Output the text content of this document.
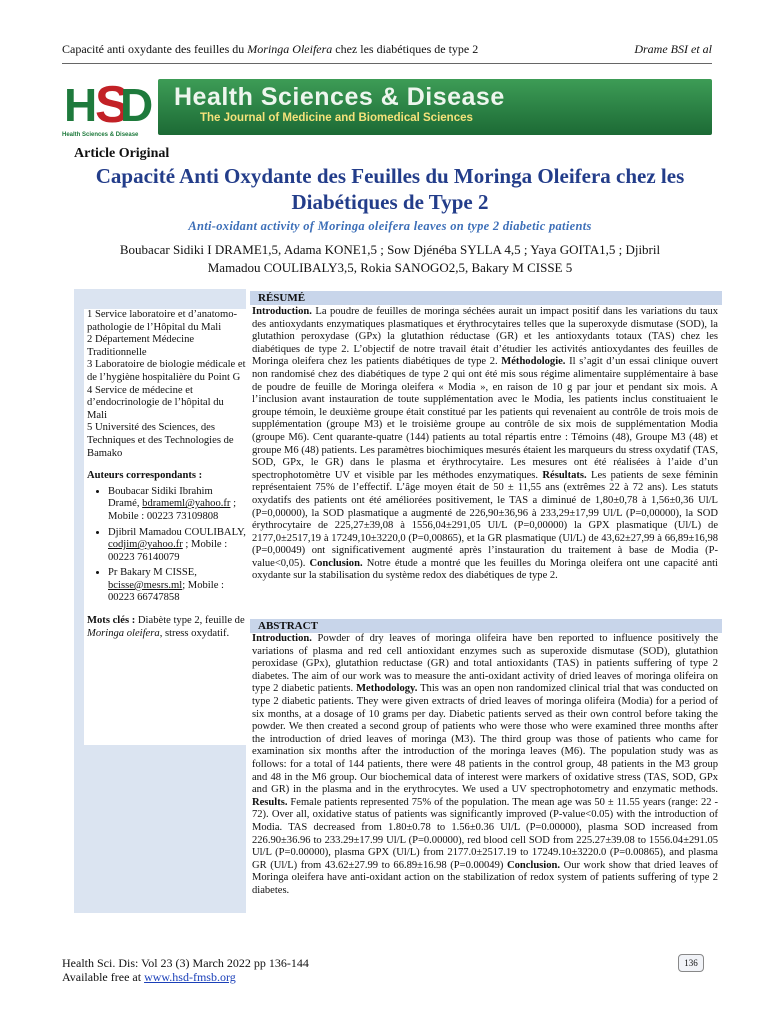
Capacité anti oxydante des feuilles du Moringa Oleifera chez les diabétiques de type 2	Drame BSI et al
H
S
D
Health Sciences & Disease
Health Sciences & Disease
The Journal of Medicine and Biomedical Sciences
Article Original
Capacité Anti Oxydante des Feuilles du Moringa Oleifera chez les Diabétiques de Type 2
Anti-oxidant activity of Moringa oleifera leaves on type 2 diabetic patients
Boubacar Sidiki I DRAME1,5, Adama KONE1,5 ; Sow Djénéba SYLLA 4,5 ; Yaya GOITA1,5 ; Djibril
Mamadou COULIBALY3,5, Rokia SANOGO2,5, Bakary M CISSE 5

1 Service laboratoire et d’anatomo-pathologie de l’Hôpital du Mali

2 Département Médecine Traditionnelle

3 Laboratoire de biologie médicale et de l’hygiène hospitalière du Point G

4 Service de médecine et d’endocrinologie de l’hôpital du Mali

5 Université des Sciences, des Techniques et des Technologies de Bamako

Auteurs correspondants :
• Boubacar Sidiki Ibrahim Dramé, bdrameml@yahoo.fr ; Mobile : 00223 73109808
• Djibril Mamadou COULIBALY, codjim@yahoo.fr ; Mobile : 00223 76140079
• Pr Bakary M CISSE, bcisse@mesrs.ml; Mobile : 00223 66747858
Mots clés : Diabète type 2, feuille de Moringa oleifera, stress oxydatif.
RÉSUMÉ
Introduction. La poudre de feuilles de moringa séchées aurait un impact positif dans les variations du taux des antioxydants enzymatiques plasmatiques et érythrocytaires telles que la superoxyde dismutase (SOD), la glutathion peroxydase (GPx) la glutathion réductase (GR) et les antioxydants totaux (TAS) chez les diabétiques de type 2. L’objectif de notre travail était d’étudier les activités antioxydantes des feuilles de Moringa oleifera chez les patients diabétiques de type 2. Méthodologie. Il s’agit d’un essai clinique ouvert non randomisé chez des diabétiques de type 2 qui ont été mis sous régime alimentaire supplémentaire à base de poudre de feuille de Moringa oleifera « Modia », en raison de 10 g par jour et pendant six mois. A l’inclusion avant instauration de toute supplémentation avec le Modia, les patients inclus constituaient le groupe témoin, le deuxième groupe était constitué par les patients qui revenaient au contrôle de trois mois de supplémentation (groupe M3) et le troisième groupe au contrôle de six mois de supplémentation Modia (groupe M6). Cent quarante-quatre (144) patients au total répartis entre : Témoins (48), Groupe M3 (48) et groupe M6 (48) patients. Les paramètres biochimiques mesurés étaient les marqueurs du stress oxydatif (TAS, SOD, GPx, le GR) dans le plasma et érythrocytaire. Les mesures ont été réalisées à l’aide d’un spectrophotomètre UV et visible par les méthodes enzymatiques. Résultats. Les patients de sexe féminin représentaient 75% de l’effectif. L’âge moyen était de 50 ± 11,55 ans (extrêmes 22 à 72 ans). Les statuts oxydatifs des patients ont été améliorées positivement, le TAS a diminué de 1,80±0,78 à 1,56±0,36 Ul/L (P=0,00000), la SOD plasmatique a augmenté de 226,90±36,96 à 233,29±17,99 Ul/L (P=0,00000), la SOD érythrocytaire de 225,27±39,08 à 1556,04±291,05 Ul/L (P=0,00000) la GPX plasmatique (Ul/L) de 2177,0±2517,19 à 17249,10±3220,0 (P=0,00865), et la GR plasmatique (Ul/L) de 43,62±27,99 à 66,89±16,98 (P=0,00049) ont significativement augmenté après l’instauration du traitement à base de Modia (P-value<0,05). Conclusion. Notre étude a montré que les feuilles du Moringa oleifera ont une capacité anti oxydante sur la stabilisation du système redox des diabétiques de type 2.
ABSTRACT
Introduction. Powder of dry leaves of moringa olifeira have ben reported to influence positively the variations of plasma and red cell antioxidant enzymes such as superoxide dismutase (SOD), glutathion peroxidase (GPx), glutathion reductase (GR) and total antioxidants (TAS) in patients suffering of type 2 diabetes. The aim of our work was to measure the anti-oxidant activity of dried leaves of moringa olifeira on type 2 diabetic patients. Methodology. This was an open non randomized clinical trial that was conducted on type 2 diabetic patients. They were given extracts of dried leaves of moringa olifeira (Modia) for a period of six months, at a dosage of 10 grams per day. Diabetic patients served as their own control before taking the powder. We then created a second group of patients who were those who were examined three months after the introduction of dried leaves of moringa (M3). The third group was those of patients who came for examination six months after the introduction of the moringa leaves (M6). The population study was as follows: for a total of 144 patients, there were 48 patients in the control group, 48 patients in the M3 group and 48 in the M6 group. Our biochemical data of interest were markers of oxidative stress (TAS, SOD, GPx and GR) in the plasma and in the erythrocytes. We used a UV spectrophotometry and enzymatic methods. Results. Female patients represented 75% of the population. The mean age was 50 ± 11.55 years (range: 22 - 72). Over all, oxidative status of patients was significantly improved (P-value<0.05) with the introduction of Modia. TAS decreased from 1.80±0.78 to 1.56±0.36 Ul/L (P=0.00000), plasma SOD increased from 226.90±36.96 to 233.29±17.99 Ul/L (P=0.00000), red blood cell SOD from 225.27±39.08 to 1556.04±291.05 Ul/L (P=0.00000), plasma GPX (Ul/L) from 2177.0±2517.19 to 17249.10±3220.0 (P=0.00865), and plasma GR (Ul/L) from 43.62±27.99 to 66.89±16.98 (P=0.00049) Conclusion. Our work show that dried leaves of Moringa oleifera have anti-oxidant action on the stabilization of redox system of patients suffering of type 2 diabetes.
Health Sci. Dis: Vol 23 (3) March 2022 pp 136-144
Available free at www.hsd-fmsb.org
136
